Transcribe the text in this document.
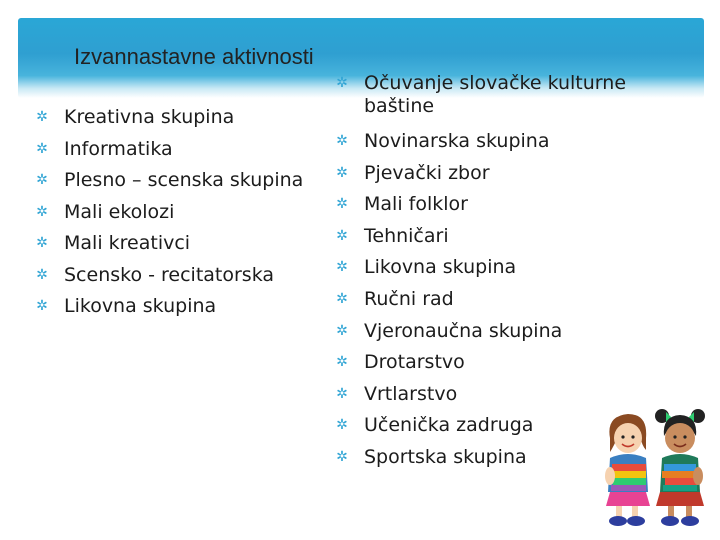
Izvannastavne aktivnosti
✲ Kreativna skupina
✲ Informatika
✲ Plesno – scenska skupina
✲ Mali ekolozi
✲ Mali kreativci
✲ Scensko - recitatorska
✲ Likovna skupina
✲ Očuvanje slovačke kulturne baštine
✲ Novinarska skupina
✲ Pjevački zbor
✲ Mali folklor
✲ Tehničari
✲ Likovna skupina
✲ Ručni rad
✲ Vjeronaučna skupina
✲ Drotarstvo
✲ Vrtlarstvo
✲ Učenička zadruga
✲ Sportska skupina
